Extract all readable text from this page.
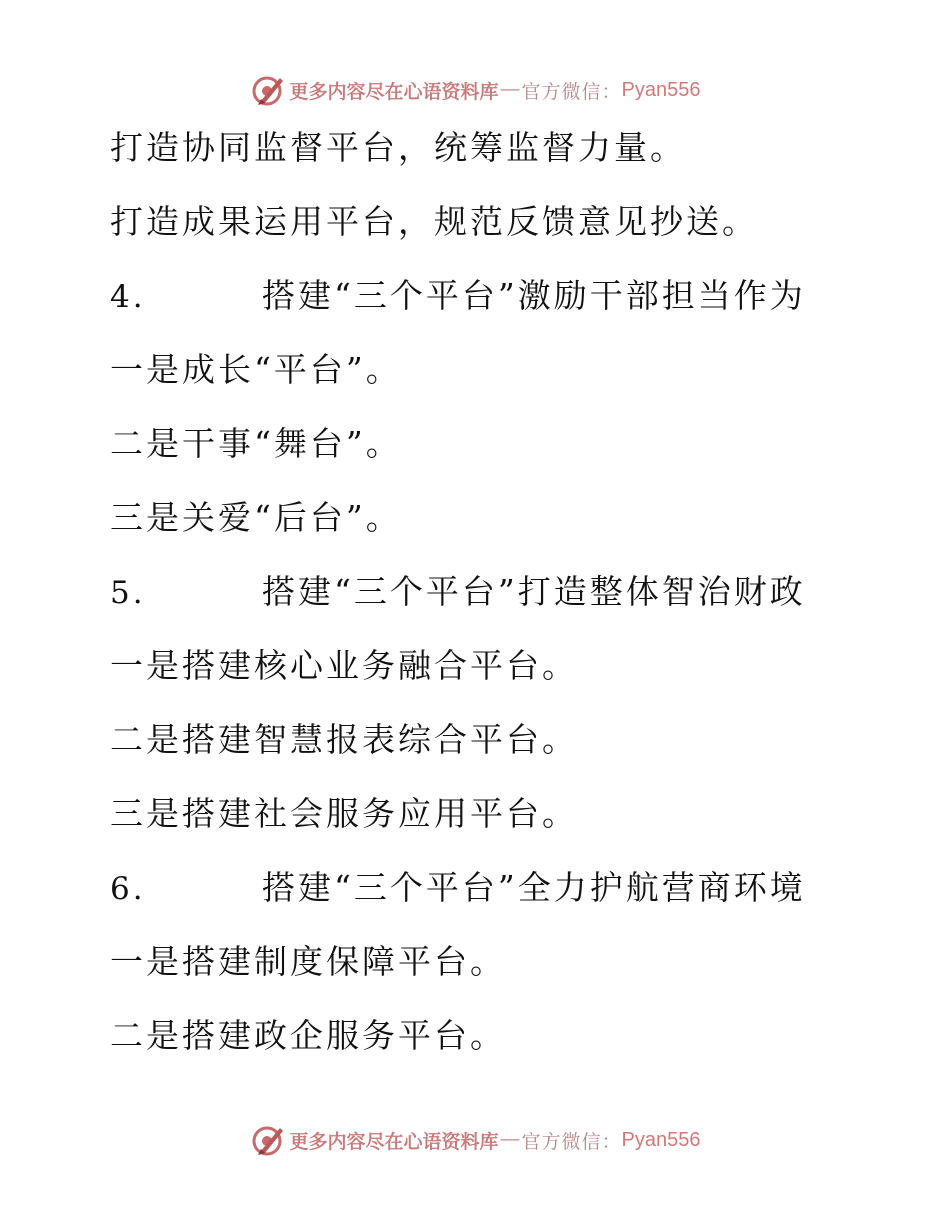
更多内容尽在心语资料库 — 官方微信： Pyan556
打造协同监督平台，统筹监督力量。
打造成果运用平台，规范反馈意见抄送。
4.	搭建“三个平台”激励干部担当作为
一是成长“平台”。
二是干事“舞台”。
三是关爱“后台”。
5.	搭建“三个平台”打造整体智治财政
一是搭建核心业务融合平台。
二是搭建智慧报表综合平台。
三是搭建社会服务应用平台。
6.	搭建“三个平台”全力护航营商环境
一是搭建制度保障平台。
二是搭建政企服务平台。
更多内容尽在心语资料库 — 官方微信： Pyan556
